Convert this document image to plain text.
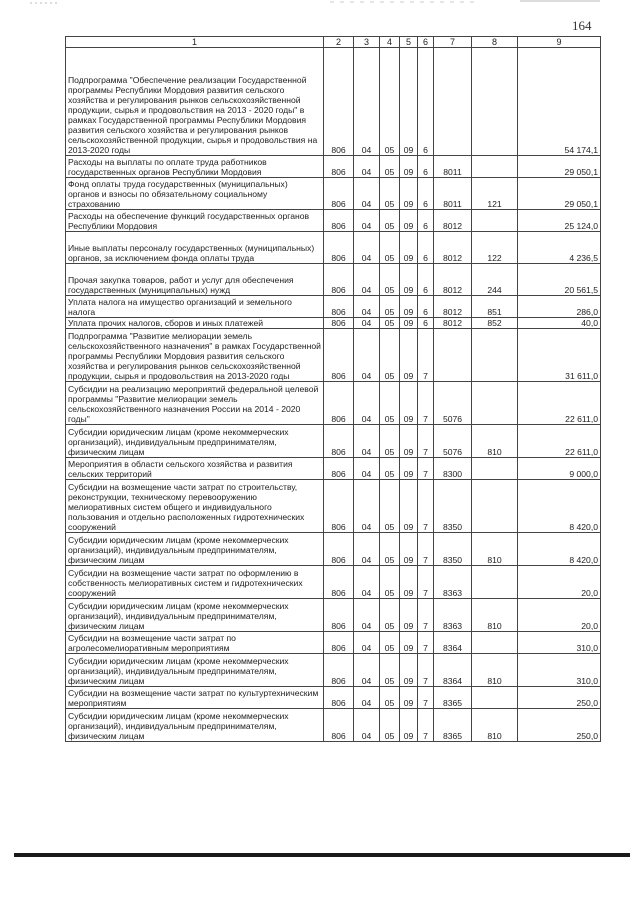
164
1	2	3	4	5	6	7	8	9
Подпрограмма "Обеспечение реализации Государственной программы Республики Мордовия развития сельского хозяйства и регулирования рынков сельскохозяйственной продукции, сырья и продовольствия на 2013 - 2020 годы" в рамках Государственной программы Республики Мордовия развития сельского хозяйства и регулирования рынков сельскохозяйственной продукции, сырья и продовольствия на 2013-2020 годы	806	04	05	09	6			54 174,1
Расходы на выплаты по оплате труда работников государственных органов Республики Мордовия	806	04	05	09	6	8011		29 050,1
Фонд оплаты труда государственных (муниципальных) органов и взносы по обязательному социальному страхованию	806	04	05	09	6	8011	121	29 050,1
Расходы на обеспечение функций государственных органов Республики Мордовия	806	04	05	09	6	8012		25 124,0
Иные выплаты персоналу государственных (муниципальных) органов, за исключением фонда оплаты труда	806	04	05	09	6	8012	122	4 236,5
Прочая закупка товаров, работ и услуг для обеспечения государственных (муниципальных) нужд	806	04	05	09	6	8012	244	20 561,5
Уплата налога на имущество организаций и земельного налога	806	04	05	09	6	8012	851	286,0
Уплата прочих налогов, сборов и иных платежей	806	04	05	09	6	8012	852	40,0
Подпрограмма "Развитие мелиорации земель сельскохозяйственного назначения" в рамках Государственной программы Республики Мордовия развития сельского хозяйства и регулирования рынков сельскохозяйственной продукции, сырья и продовольствия на 2013-2020 годы	806	04	05	09	7			31 611,0
Субсидии на реализацию мероприятий федеральной целевой программы "Развитие мелиорации земель сельскохозяйственного назначения России на 2014 - 2020 годы"	806	04	05	09	7	5076		22 611,0
Субсидии юридическим лицам (кроме некоммерческих организаций), индивидуальным предпринимателям, физическим лицам	806	04	05	09	7	5076	810	22 611,0
Мероприятия в области сельского хозяйства и развития сельских территорий	806	04	05	09	7	8300		9 000,0
Субсидии на возмещение части затрат по строительству, реконструкции, техническому перевооружению мелиоративных систем общего и индивидуального пользования и отдельно расположенных гидротехнических сооружений	806	04	05	09	7	8350		8 420,0
Субсидии юридическим лицам (кроме некоммерческих организаций), индивидуальным предпринимателям, физическим лицам	806	04	05	09	7	8350	810	8 420,0
Субсидии на возмещение части затрат по оформлению в собственность мелиоративных систем и гидротехнических сооружений	806	04	05	09	7	8363		20,0
Субсидии юридическим лицам (кроме некоммерческих организаций), индивидуальным предпринимателям, физическим лицам	806	04	05	09	7	8363	810	20,0
Субсидии на возмещение части затрат по агролесомелиоративным мероприятиям	806	04	05	09	7	8364		310,0
Субсидии юридическим лицам (кроме некоммерческих организаций), индивидуальным предпринимателям, физическим лицам	806	04	05	09	7	8364	810	310,0
Субсидии на возмещение части затрат по культуртехническим мероприятиям	806	04	05	09	7	8365		250,0
Субсидии юридическим лицам (кроме некоммерческих организаций), индивидуальным предпринимателям, физическим лицам	806	04	05	09	7	8365	810	250,0
